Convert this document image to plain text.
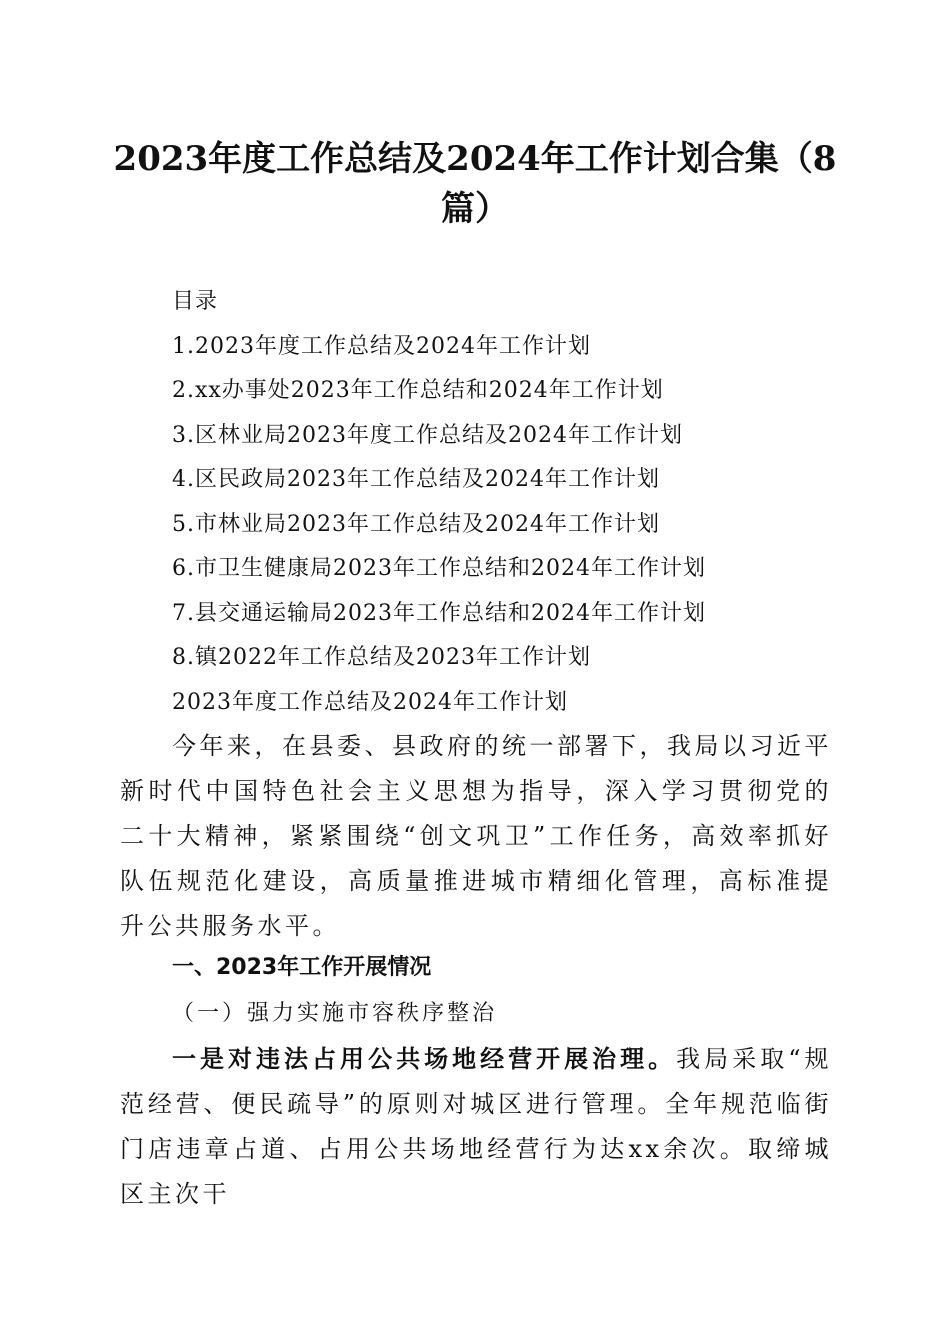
2023年度工作总结及2024年工作计划合集（8篇）
目录
1.2023年度工作总结及2024年工作计划
2.xx办事处2023年工作总结和2024年工作计划
3.区林业局2023年度工作总结及2024年工作计划
4.区民政局2023年工作总结及2024年工作计划
5.市林业局2023年工作总结及2024年工作计划
6.市卫生健康局2023年工作总结和2024年工作计划
7.县交通运输局2023年工作总结和2024年工作计划
8.镇2022年工作总结及2023年工作计划
2023年度工作总结及2024年工作计划
今年来，在县委、县政府的统一部署下，我局以习近平新时代中国特色社会主义思想为指导，深入学习贯彻党的二十大精神，紧紧围绕“创文巩卫”工作任务，高效率抓好队伍规范化建设，高质量推进城市精细化管理，高标准提升公共服务水平。
一、2023年工作开展情况
（一）强力实施市容秩序整治
一是对违法占用公共场地经营开展治理。我局采取“规范经营、便民疏导”的原则对城区进行管理。全年规范临街门店违章占道、占用公共场地经营行为达xx余次。取缔城区主次干
